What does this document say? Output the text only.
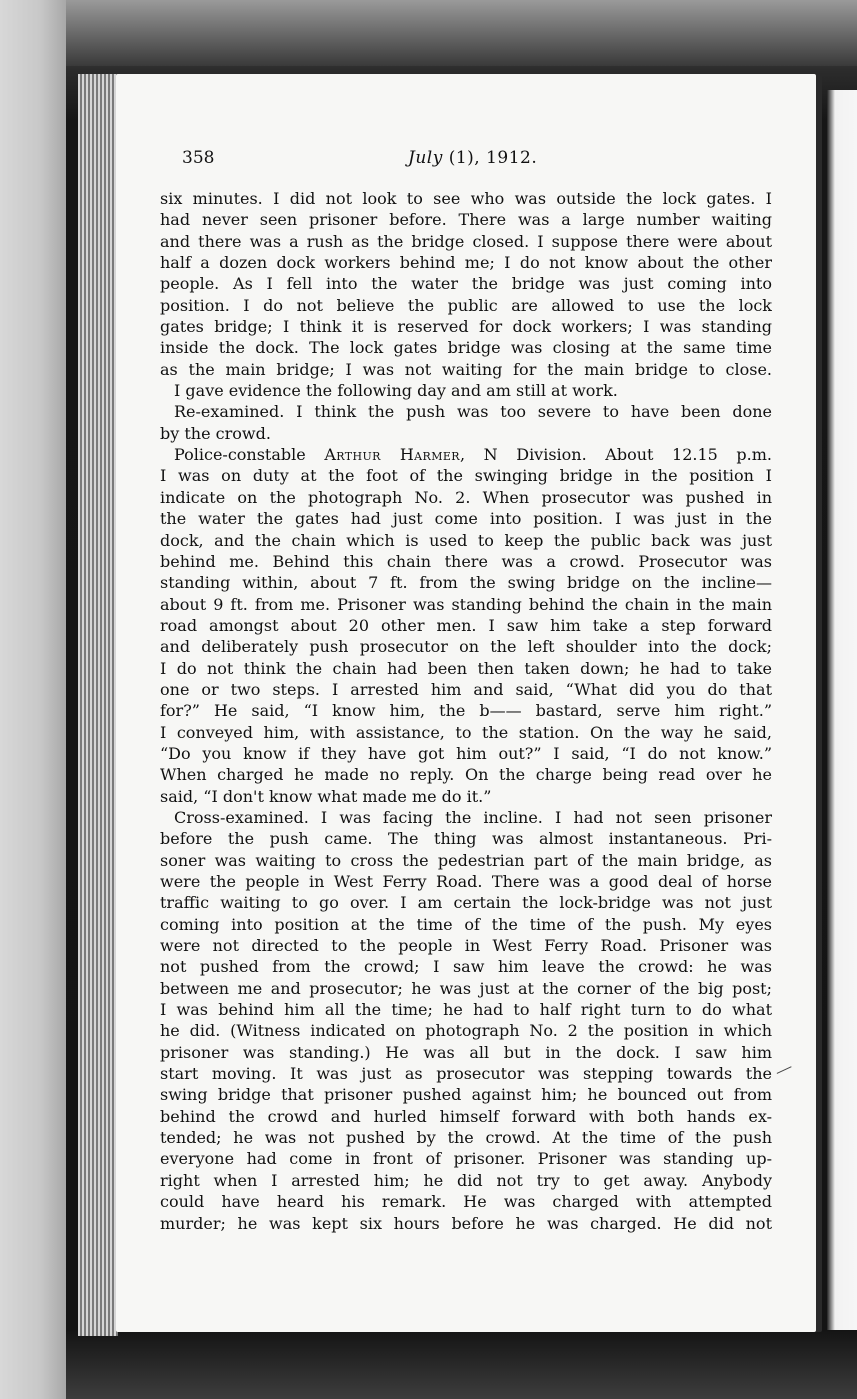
358	July (1), 1912.
six minutes. I did not look to see who was outside the lock gates. I
had never seen prisoner before. There was a large number waiting
and there was a rush as the bridge closed. I suppose there were about
half a dozen dock workers behind me; I do not know about the other
people. As I fell into the water the bridge was just coming into
position. I do not believe the public are allowed to use the lock
gates bridge; I think it is reserved for dock workers; I was standing
inside the dock. The lock gates bridge was closing at the same time
as the main bridge; I was not waiting for the main bridge to close.
I gave evidence the following day and am still at work.
Re-examined. I think the push was too severe to have been done
by the crowd.
Police-constable Arthur Harmer, N Division. About 12.15 p.m.
I was on duty at the foot of the swinging bridge in the position I
indicate on the photograph No. 2. When prosecutor was pushed in
the water the gates had just come into position. I was just in the
dock, and the chain which is used to keep the public back was just
behind me. Behind this chain there was a crowd. Prosecutor was
standing within, about 7 ft. from the swing bridge on the incline—
about 9 ft. from me. Prisoner was standing behind the chain in the main
road amongst about 20 other men. I saw him take a step forward
and deliberately push prosecutor on the left shoulder into the dock;
I do not think the chain had been then taken down; he had to take
one or two steps. I arrested him and said, “What did you do that
for?” He said, “I know him, the b—— bastard, serve him right.”
I conveyed him, with assistance, to the station. On the way he said,
“Do you know if they have got him out?” I said, “I do not know.”
When charged he made no reply. On the charge being read over he
said, “I don't know what made me do it.”
Cross-examined. I was facing the incline. I had not seen prisoner
before the push came. The thing was almost instantaneous. Pri-
soner was waiting to cross the pedestrian part of the main bridge, as
were the people in West Ferry Road. There was a good deal of horse
traffic waiting to go over. I am certain the lock-bridge was not just
coming into position at the time of the time of the push. My eyes
were not directed to the people in West Ferry Road. Prisoner was
not pushed from the crowd; I saw him leave the crowd: he was
between me and prosecutor; he was just at the corner of the big post;
I was behind him all the time; he had to half right turn to do what
he did. (Witness indicated on photograph No. 2 the position in which
prisoner was standing.) He was all but in the dock. I saw him
start moving. It was just as prosecutor was stepping towards the
swing bridge that prisoner pushed against him; he bounced out from
behind the crowd and hurled himself forward with both hands ex-
tended; he was not pushed by the crowd. At the time of the push
everyone had come in front of prisoner. Prisoner was standing up-
right when I arrested him; he did not try to get away. Anybody
could have heard his remark. He was charged with attempted
murder; he was kept six hours before he was charged. He did not
